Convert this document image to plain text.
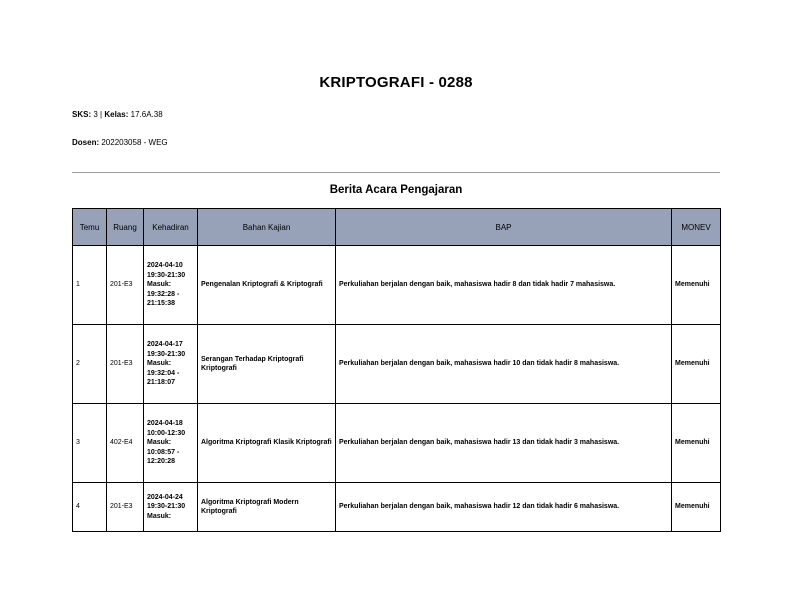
KRIPTOGRAFI - 0288
SKS: 3 | Kelas: 17.6A.38
Dosen: 202203058 - WEG
Berita Acara Pengajaran
Temu	Ruang	Kehadiran	Bahan Kajian	BAP	MONEV
1	201-E3	2024-04-10
19:30-21:30
Masuk:
19:32:28 -
21:15:38	Pengenalan Kriptografi & Kriptografi	Perkuliahan berjalan dengan baik, mahasiswa hadir 8 dan tidak hadir 7 mahasiswa.	Memenuhi
2	201-E3	2024-04-17
19:30-21:30
Masuk:
19:32:04 -
21:18:07	Serangan Terhadap Kriptografi Kriptografi	Perkuliahan berjalan dengan baik, mahasiswa hadir 10 dan tidak hadir 8 mahasiswa.	Memenuhi
3	402-E4	2024-04-18
10:00-12:30
Masuk:
10:08:57 -
12:20:28	Algoritma Kriptografi Klasik Kriptografi	Perkuliahan berjalan dengan baik, mahasiswa hadir 13 dan tidak hadir 3 mahasiswa.	Memenuhi
4	201-E3	2024-04-24
19:30-21:30
Masuk:	Algoritma Kriptografi Modern Kriptografi	Perkuliahan berjalan dengan baik, mahasiswa hadir 12 dan tidak hadir 6 mahasiswa.	Memenuhi
